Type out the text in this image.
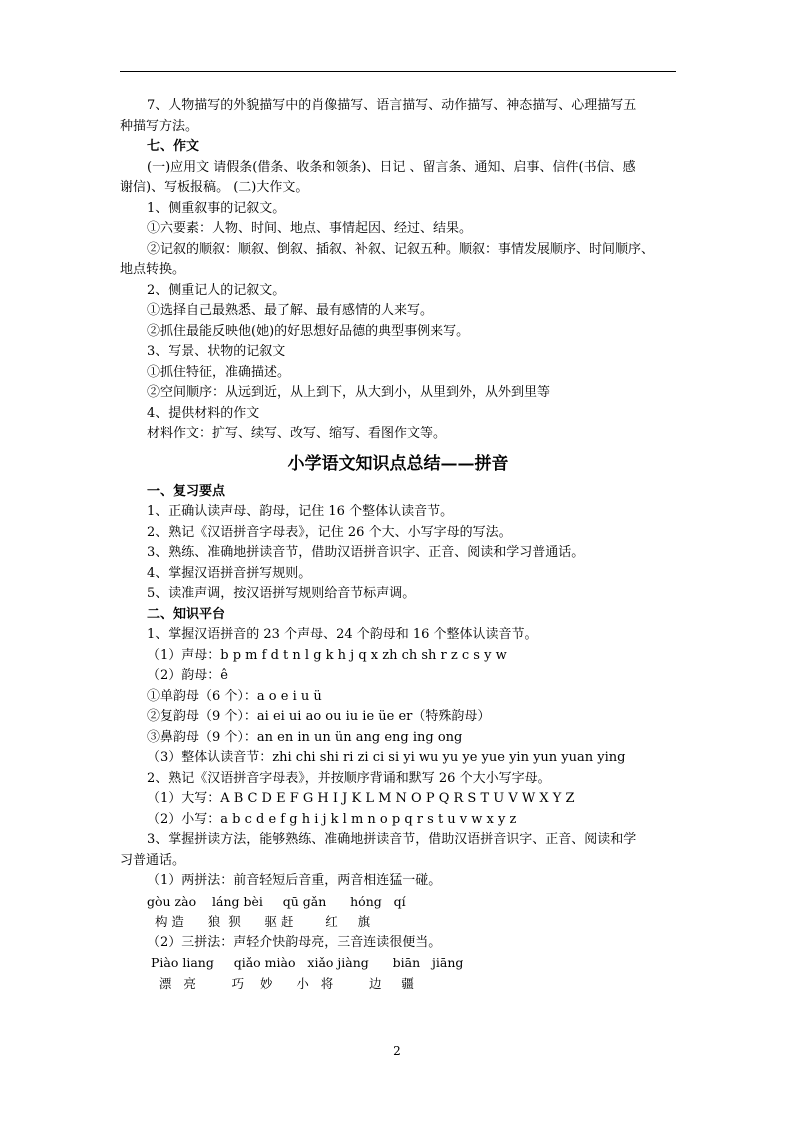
7、人物描写的外貌描写中的肖像描写、语言描写、动作描写、神态描写、心理描写五
种描写方法。
七、作文
(一)应用文 请假条(借条、收条和领条)、日记 、留言条、通知、启事、信件(书信、感
谢信)、写板报稿。 (二)大作文。
1、侧重叙事的记叙文。
①六要素：人物、时间、地点、事情起因、经过、结果。
②记叙的顺叙：顺叙、倒叙、插叙、补叙、记叙五种。顺叙：事情发展顺序、时间顺序、
地点转换。
2、侧重记人的记叙文。
①选择自己最熟悉、最了解、最有感情的人来写。
②抓住最能反映他(她)的好思想好品德的典型事例来写。
3、写景、状物的记叙文
①抓住特征，准确描述。
②空间顺序：从远到近，从上到下，从大到小，从里到外，从外到里等
4、提供材料的作文
材料作文：扩写、续写、改写、缩写、看图作文等。
小学语文知识点总结——拼音
一、复习要点
1、正确认读声母、韵母，记住 16 个整体认读音节。
2、熟记《汉语拼音字母表》，记住 26 个大、小写字母的写法。
3、熟练、准确地拼读音节，借助汉语拼音识字、正音、阅读和学习普通话。
4、掌握汉语拼音拼写规则。
5、读准声调，按汉语拼写规则给音节标声调。
二、知识平台
1、掌握汉语拼音的 23 个声母、24 个韵母和 16 个整体认读音节。
（1）声母：b p m f d t n l g k h j q x zh ch sh r z c s y w
（2）韵母：ê
①单韵母（6 个）：a o e i u ü
②复韵母（9 个）：ai ei ui ao ou iu ie üe er（特殊韵母）
③鼻韵母（9 个）：an en in un ün ang eng ing ong
（3）整体认读音节：zhi chi shi ri zi ci si yi wu yu ye yue yin yun yuan ying
2、熟记《汉语拼音字母表》，并按顺序背诵和默写 26 个大小写字母。
（1）大写：A B C D E F G H I J K L M N O P Q R S T U V W X Y Z
（2）小写：a b c d e f g h i j k l m n o p q r s t u v w x y z
3、掌握拼读方法，能够熟练、准确地拼读音节，借助汉语拼音识字、正音、阅读和学
习普通话。
（1）两拼法：前音轻短后音重，两音相连猛一碰。
gòu zào    láng bèi     qū gǎn      hóng   qí
构 造      狼  狈      驱 赶        红     旗
（2）三拼法：声轻介快韵母亮，三音连读很便当。
Piào liang     qiǎo miào   xiǎo jiàng      biān   jiāng
漂   亮         巧    妙      小   将         边     疆
2
